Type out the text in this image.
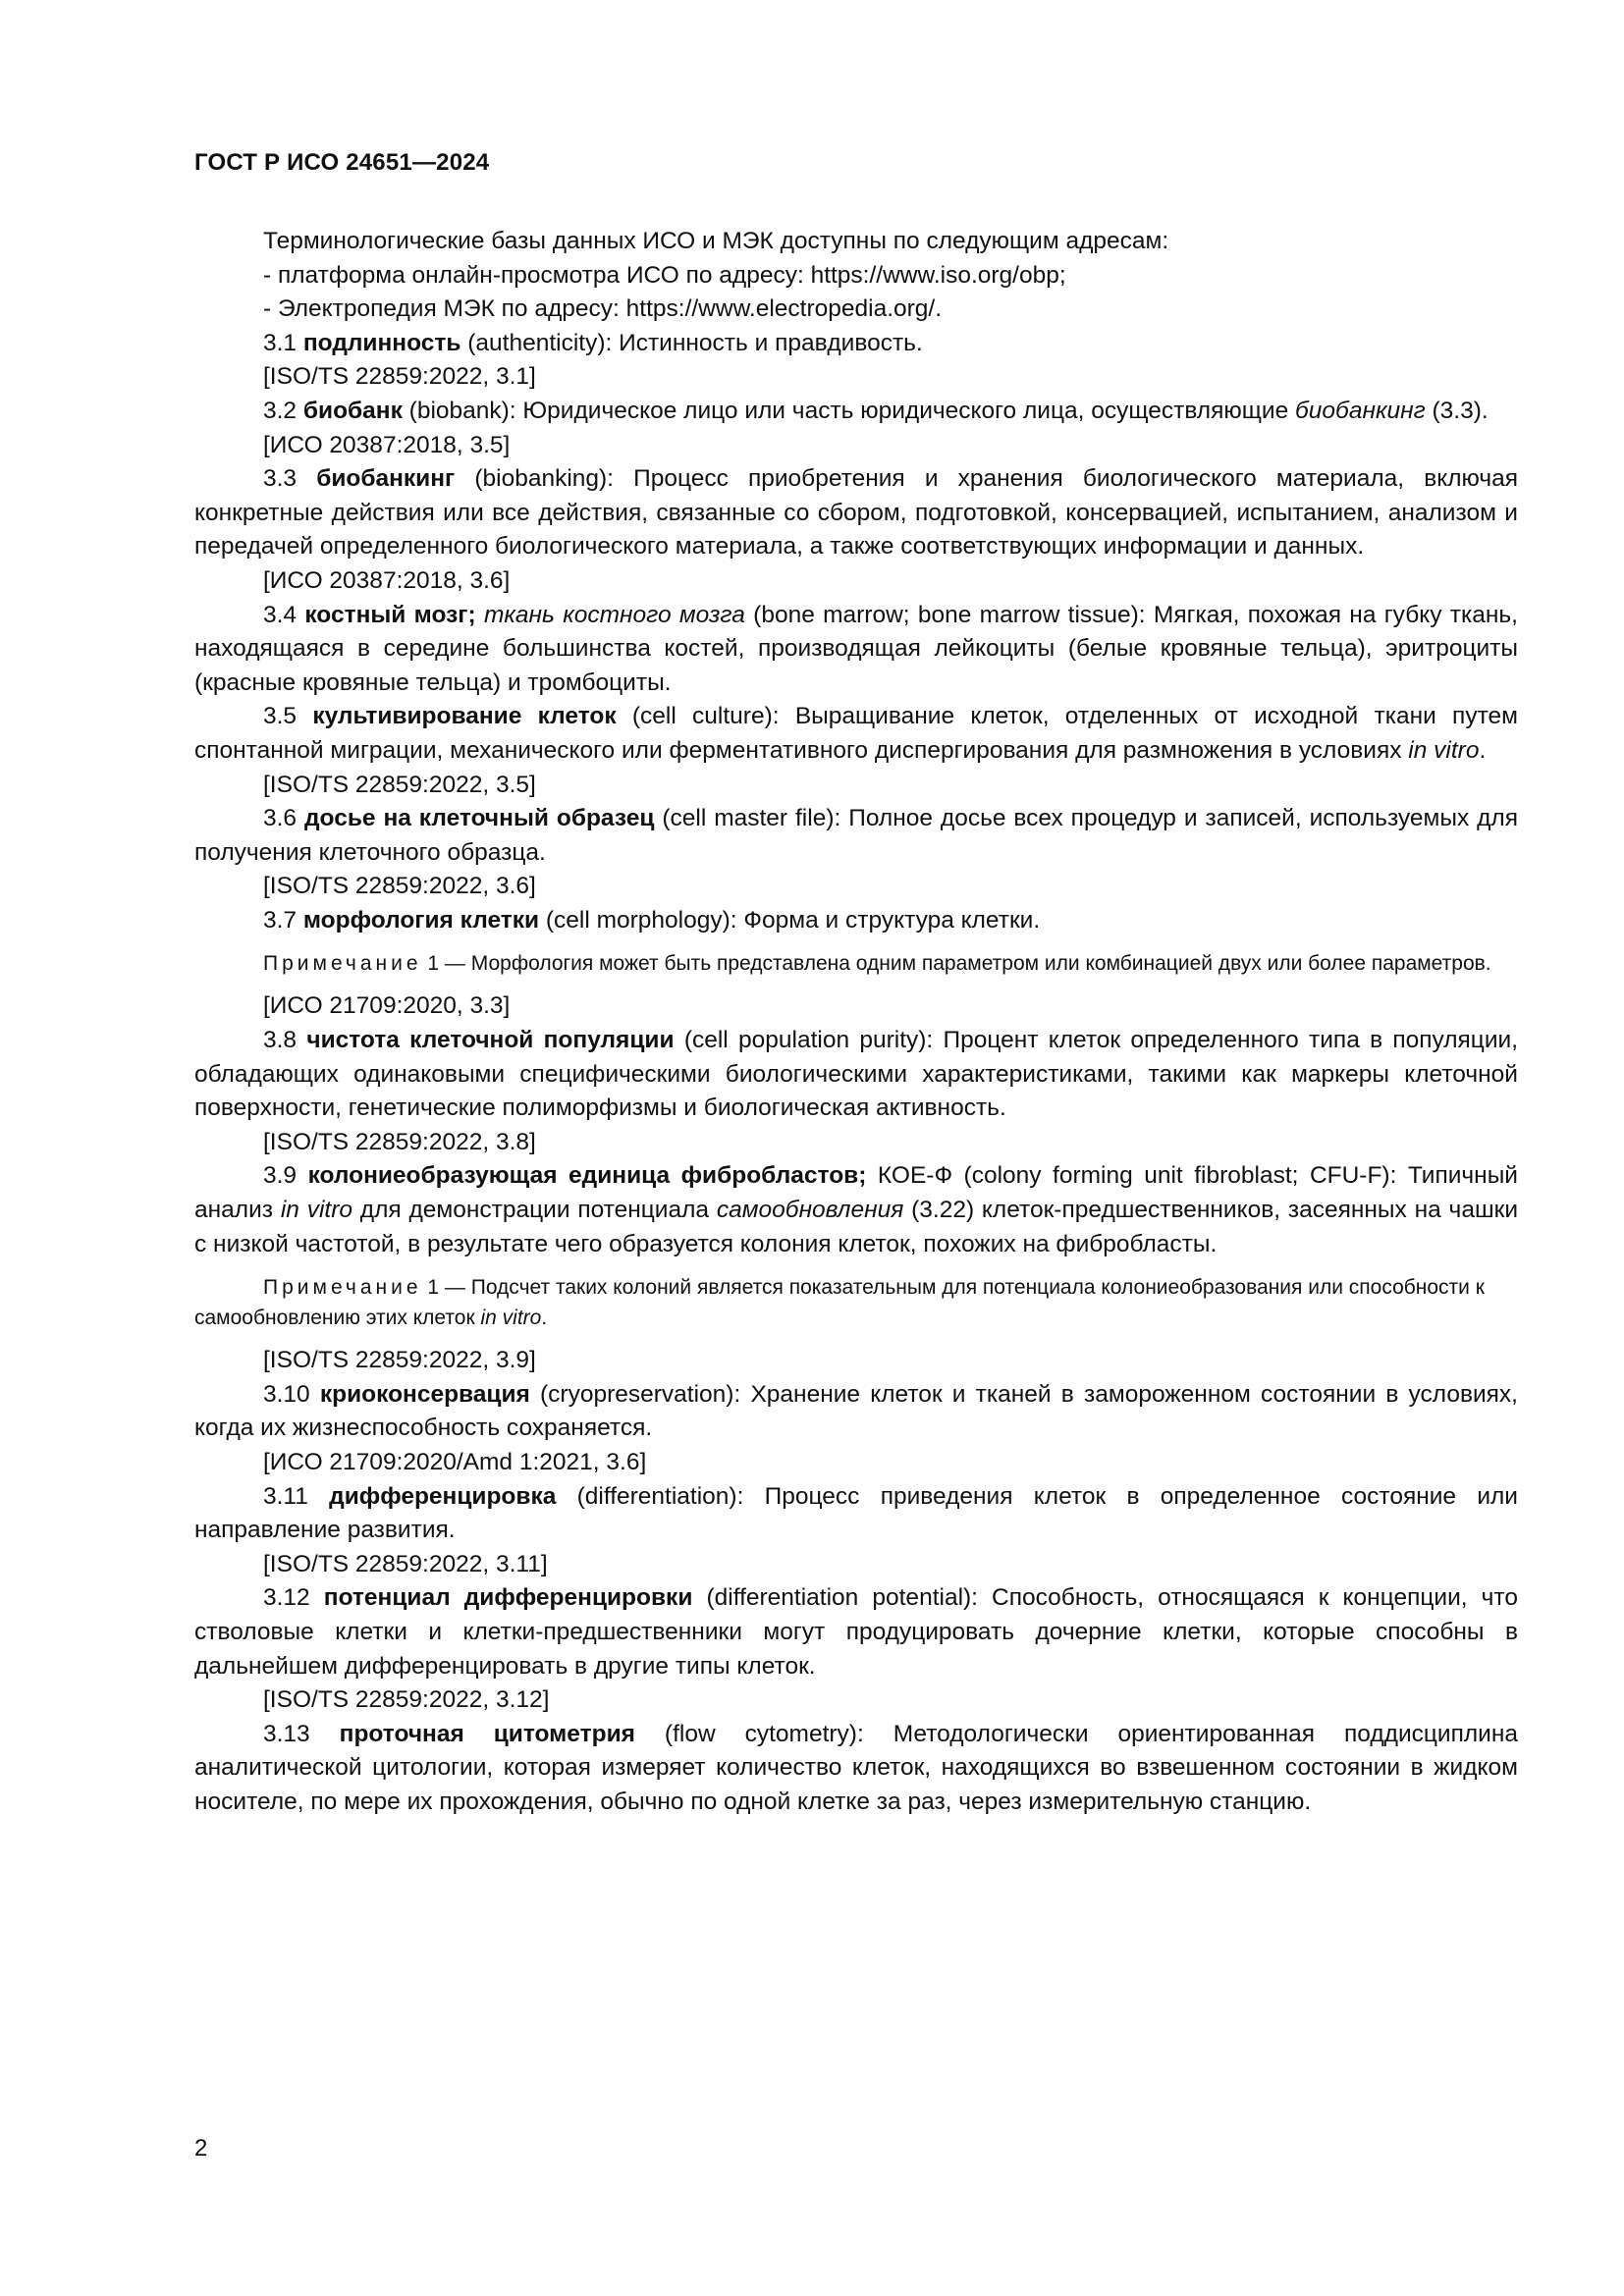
ГОСТ Р ИСО 24651—2024

Терминологические базы данных ИСО и МЭК доступны по следующим адресам:

- платформа онлайн-просмотра ИСО по адресу: https://www.iso.org/obp;

- Электропедия МЭК по адресу: https://www.electropedia.org/.

3.1 подлинность (authenticity): Истинность и правдивость.

[ISO/TS 22859:2022, 3.1]

3.2 биобанк (biobank): Юридическое лицо или часть юридического лица, осуществляющие биобанкинг (3.3).

[ИСО 20387:2018, 3.5]

3.3 биобанкинг (biobanking): Процесс приобретения и хранения биологического материала, включая конкретные действия или все действия, связанные со сбором, подготовкой, консервацией, испытанием, анализом и передачей определенного биологического материала, а также соответствующих информации и данных.

[ИСО 20387:2018, 3.6]

3.4 костный мозг; ткань костного мозга (bone marrow; bone marrow tissue): Мягкая, похожая на губку ткань, находящаяся в середине большинства костей, производящая лейкоциты (белые кровяные тельца), эритроциты (красные кровяные тельца) и тромбоциты.

3.5 культивирование клеток (cell culture): Выращивание клеток, отделенных от исходной ткани путем спонтанной миграции, механического или ферментативного диспергирования для размножения в условиях in vitro.

[ISO/TS 22859:2022, 3.5]

3.6 досье на клеточный образец (cell master file): Полное досье всех процедур и записей, используемых для получения клеточного образца.

[ISO/TS 22859:2022, 3.6]

3.7 морфология клетки (cell morphology): Форма и структура клетки.

Примечание 1 — Морфология может быть представлена одним параметром или комбинацией двух или более параметров.

[ИСО 21709:2020, 3.3]

3.8 чистота клеточной популяции (cell population purity): Процент клеток определенного типа в популяции, обладающих одинаковыми специфическими биологическими характеристиками, такими как маркеры клеточной поверхности, генетические полиморфизмы и биологическая активность.

[ISO/TS 22859:2022, 3.8]

3.9 колониеобразующая единица фибробластов; КОЕ-Ф (colony forming unit fibroblast; CFU-F): Типичный анализ in vitro для демонстрации потенциала самообновления (3.22) клеток-предшественников, засеянных на чашки с низкой частотой, в результате чего образуется колония клеток, похожих на фибробласты.

Примечание 1 — Подсчет таких колоний является показательным для потенциала колониеобразования или способности к самообновлению этих клеток in vitro.

[ISO/TS 22859:2022, 3.9]

3.10 криоконсервация (cryopreservation): Хранение клеток и тканей в замороженном состоянии в условиях, когда их жизнеспособность сохраняется.

[ИСО 21709:2020/Amd 1:2021, 3.6]

3.11 дифференцировка (differentiation): Процесс приведения клеток в определенное состояние или направление развития.

[ISO/TS 22859:2022, 3.11]

3.12 потенциал дифференцировки (differentiation potential): Способность, относящаяся к концепции, что стволовые клетки и клетки-предшественники могут продуцировать дочерние клетки, которые способны в дальнейшем дифференцировать в другие типы клеток.

[ISO/TS 22859:2022, 3.12]

3.13 проточная цитометрия (flow cytometry): Методологически ориентированная поддисциплина аналитической цитологии, которая измеряет количество клеток, находящихся во взвешенном состоянии в жидком носителе, по мере их прохождения, обычно по одной клетке за раз, через измерительную станцию.

2
